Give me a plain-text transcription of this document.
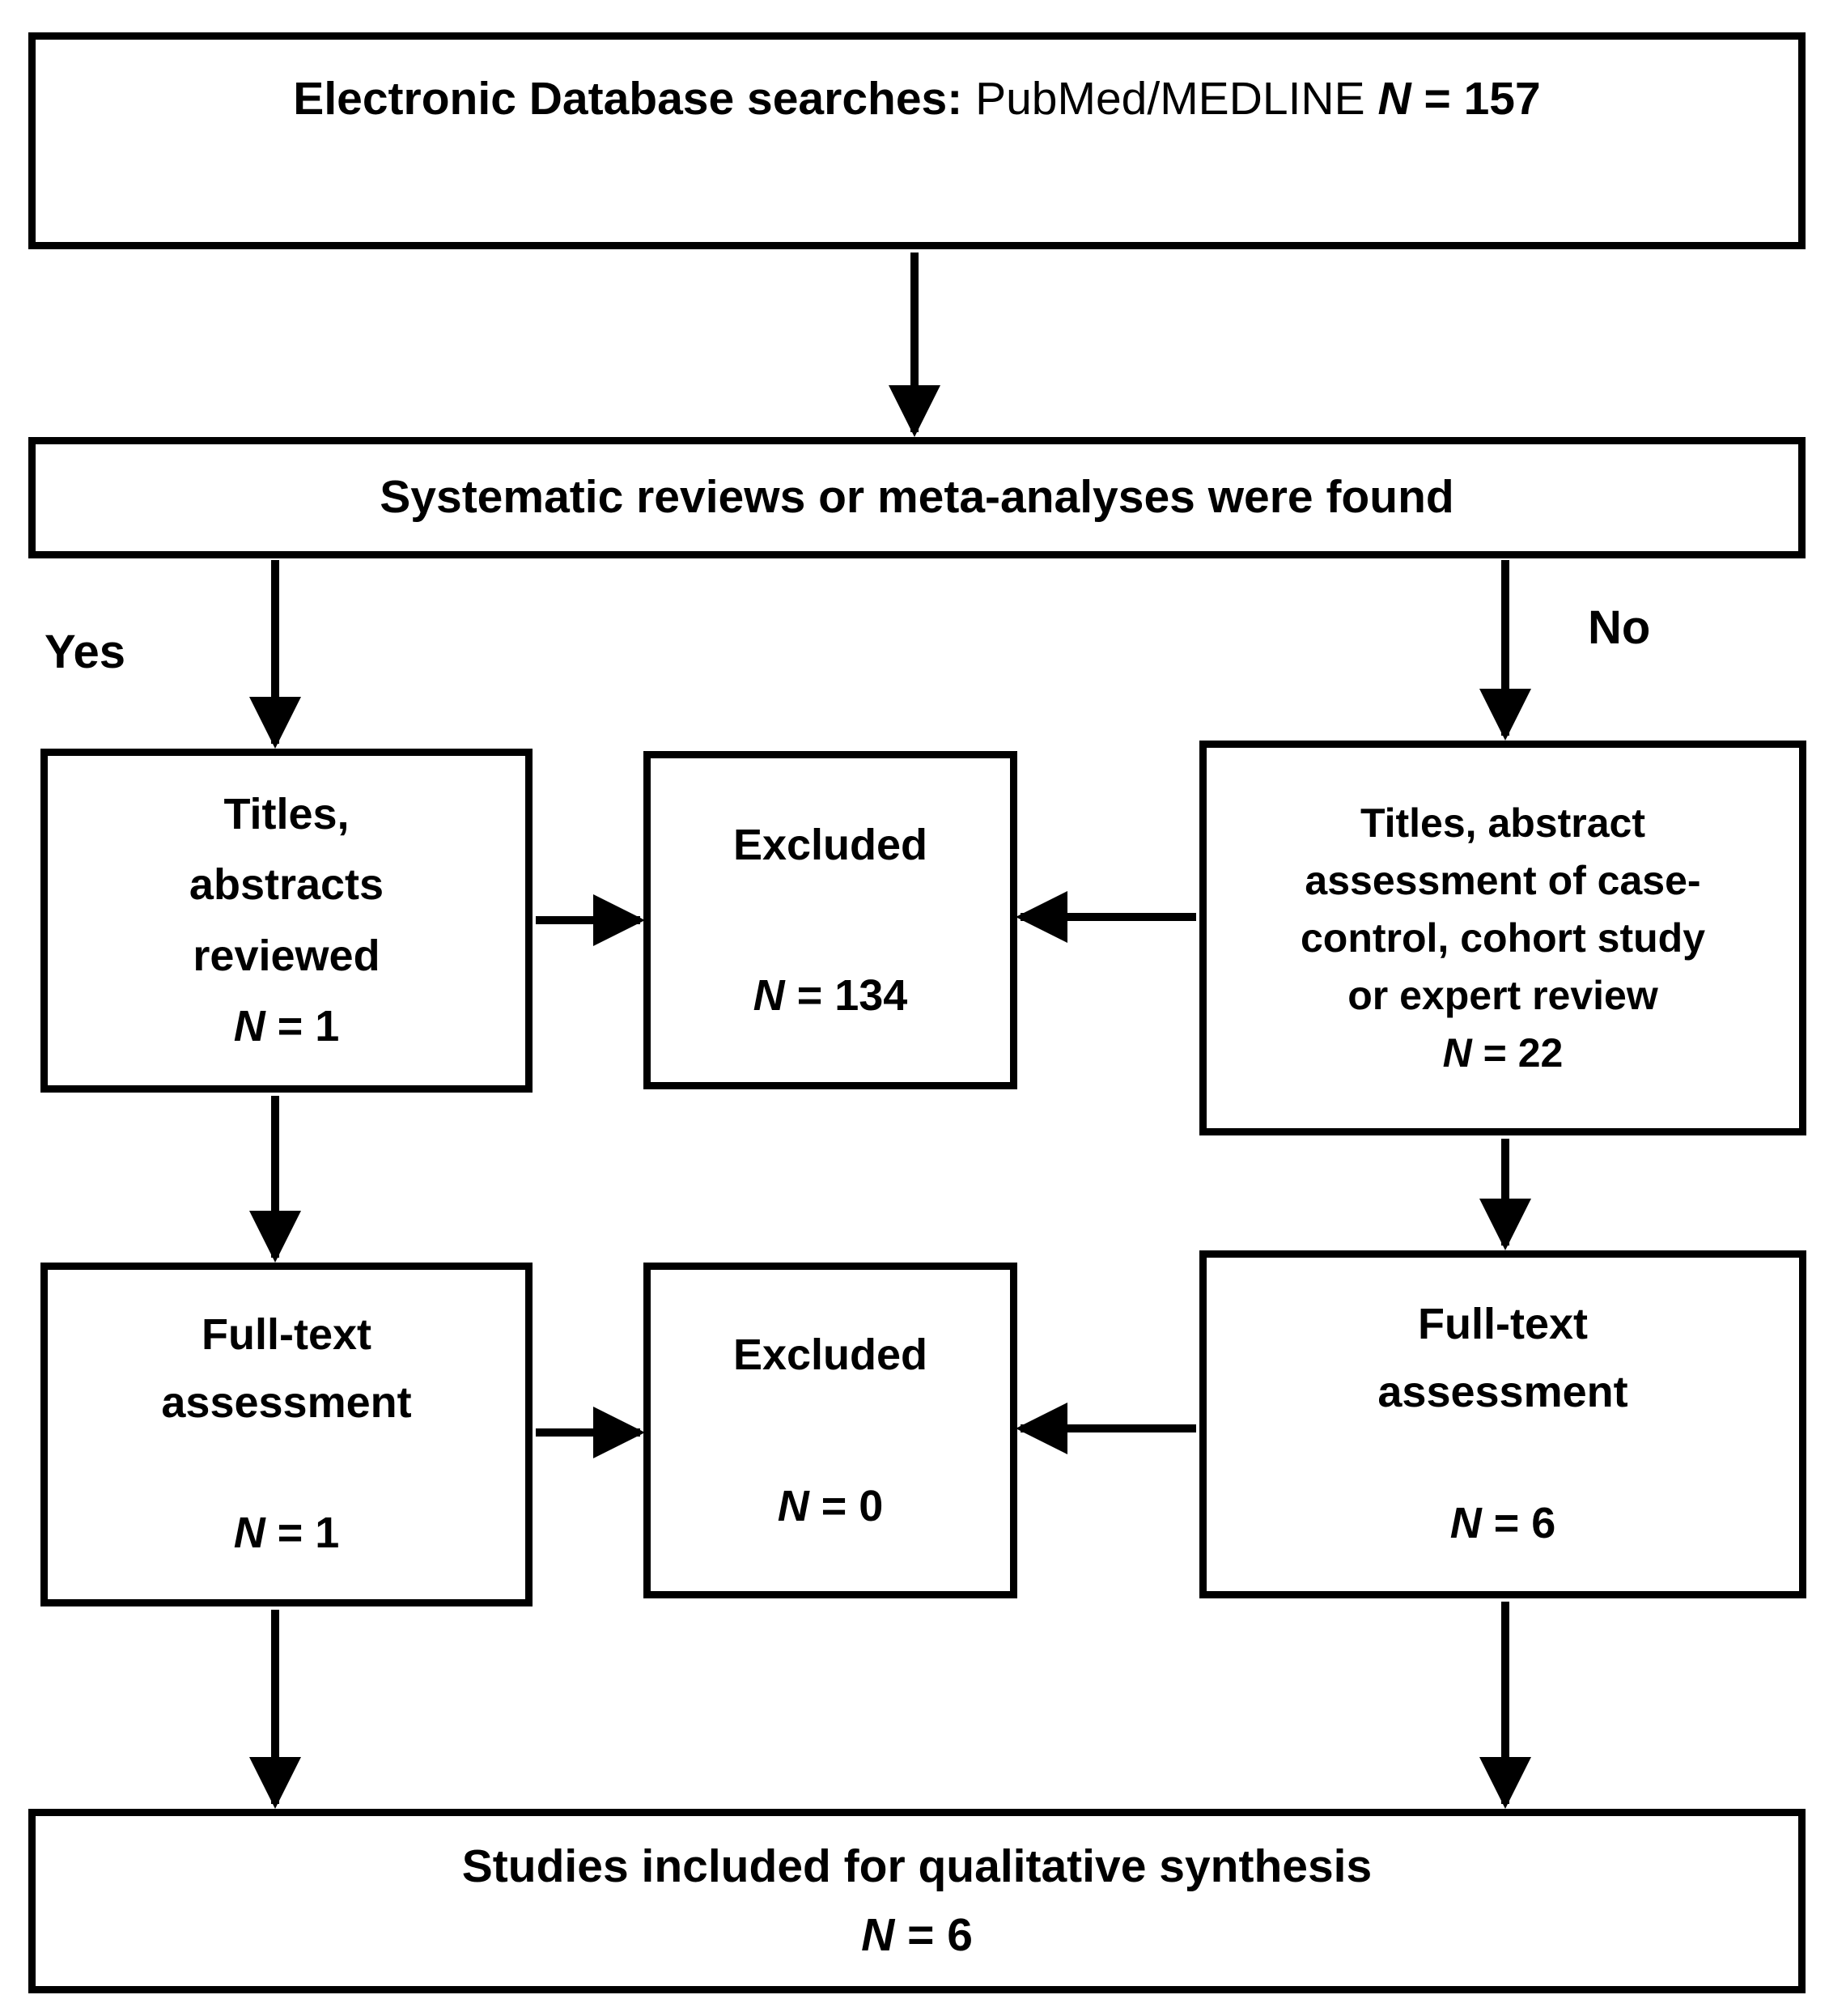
Electronic Database searches: PubMed/MEDLINE N = 157
Systematic reviews or meta-analyses were found
Yes	No
Titles,
abstracts
reviewed
N = 1
Excluded
N = 134
Titles, abstract
assessment of case-
control, cohort study
or expert review
N = 22
Full-text
assessment
N = 1
Excluded
N = 0
Full-text
assessment
N = 6
Studies included for qualitative synthesis
N = 6
